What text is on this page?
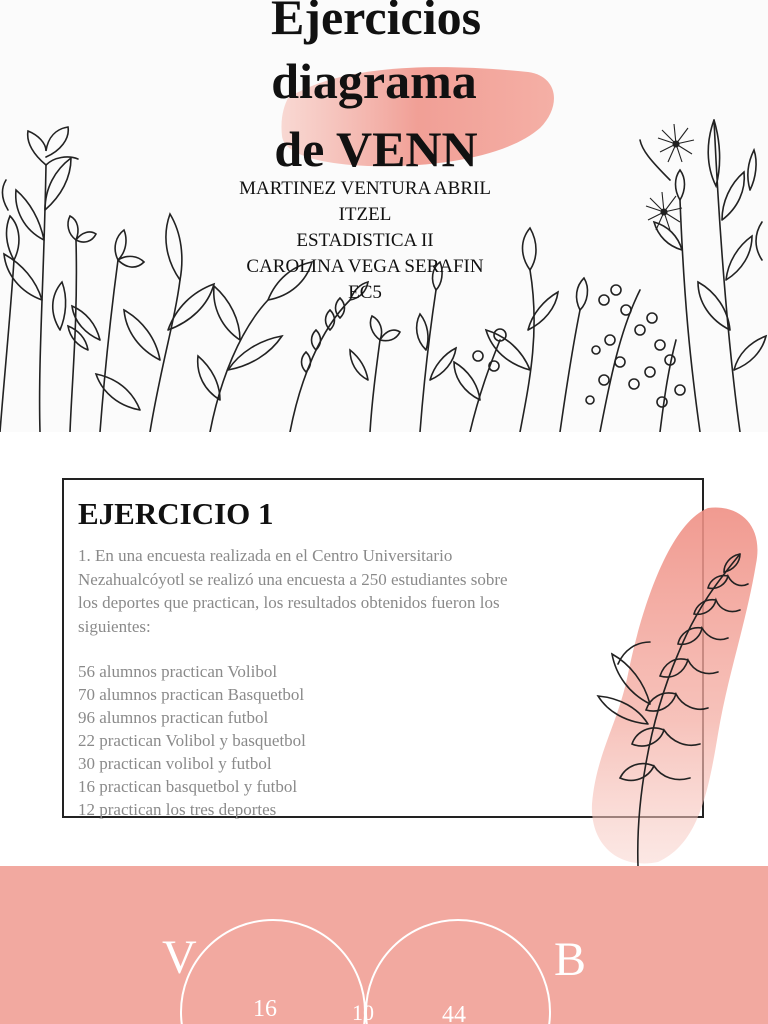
Ejercicios
diagrama
de VENN
MARTINEZ VENTURA ABRIL
ITZEL
ESTADISTICA II
CAROLINA VEGA SERAFIN
EC5
EJERCICIO 1
1. En una encuesta realizada en el Centro Universitario
Nezahualcóyotl se realizó una encuesta a 250 estudiantes sobre
los deportes que practican, los resultados obtenidos fueron los
siguientes:
56 alumnos practican Volibol
70 alumnos practican Basquetbol
96 alumnos practican futbol
22 practican Volibol y basquetbol
30 practican volibol y futbol
16 practican basquetbol y futbol
12 practican los tres deportes
V	B
16	10	44
